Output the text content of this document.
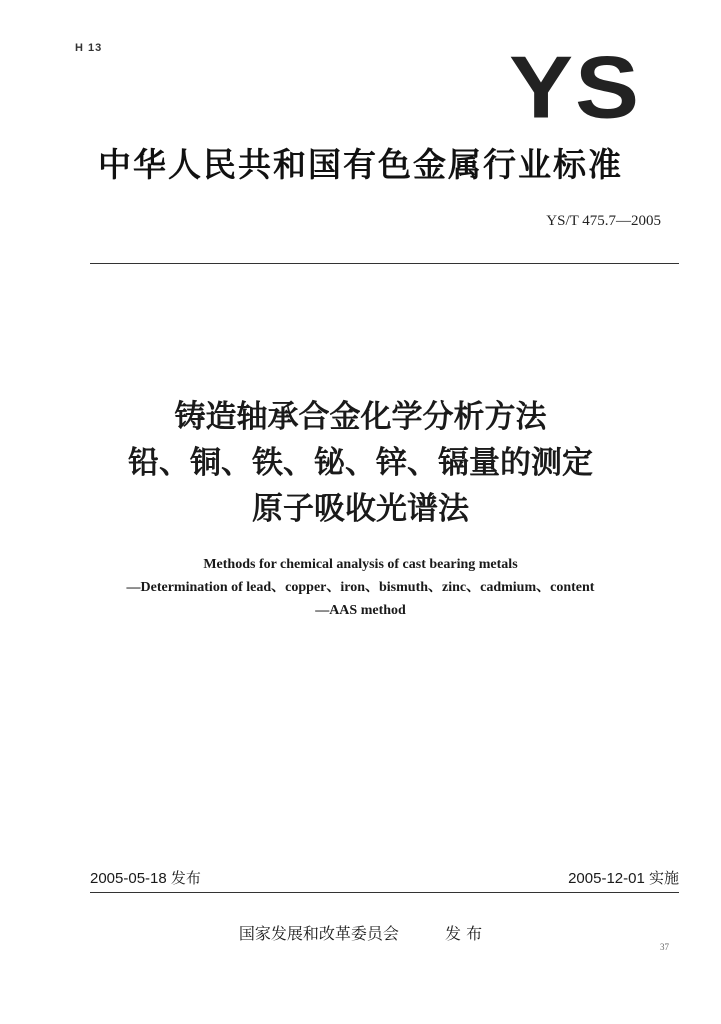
H 13	YS
中华人民共和国有色金属行业标准
YS/T 475.7—2005
铸造轴承合金化学分析方法
铅、铜、铁、铋、锌、镉量的测定
原子吸收光谱法
Methods for chemical analysis of cast bearing metals
—Determination of lead、copper、iron、bismuth、zinc、cadmium、content
—AAS method
2005-05-18 发布	2005-12-01 实施
国家发展和改革委员会	发 布
37
